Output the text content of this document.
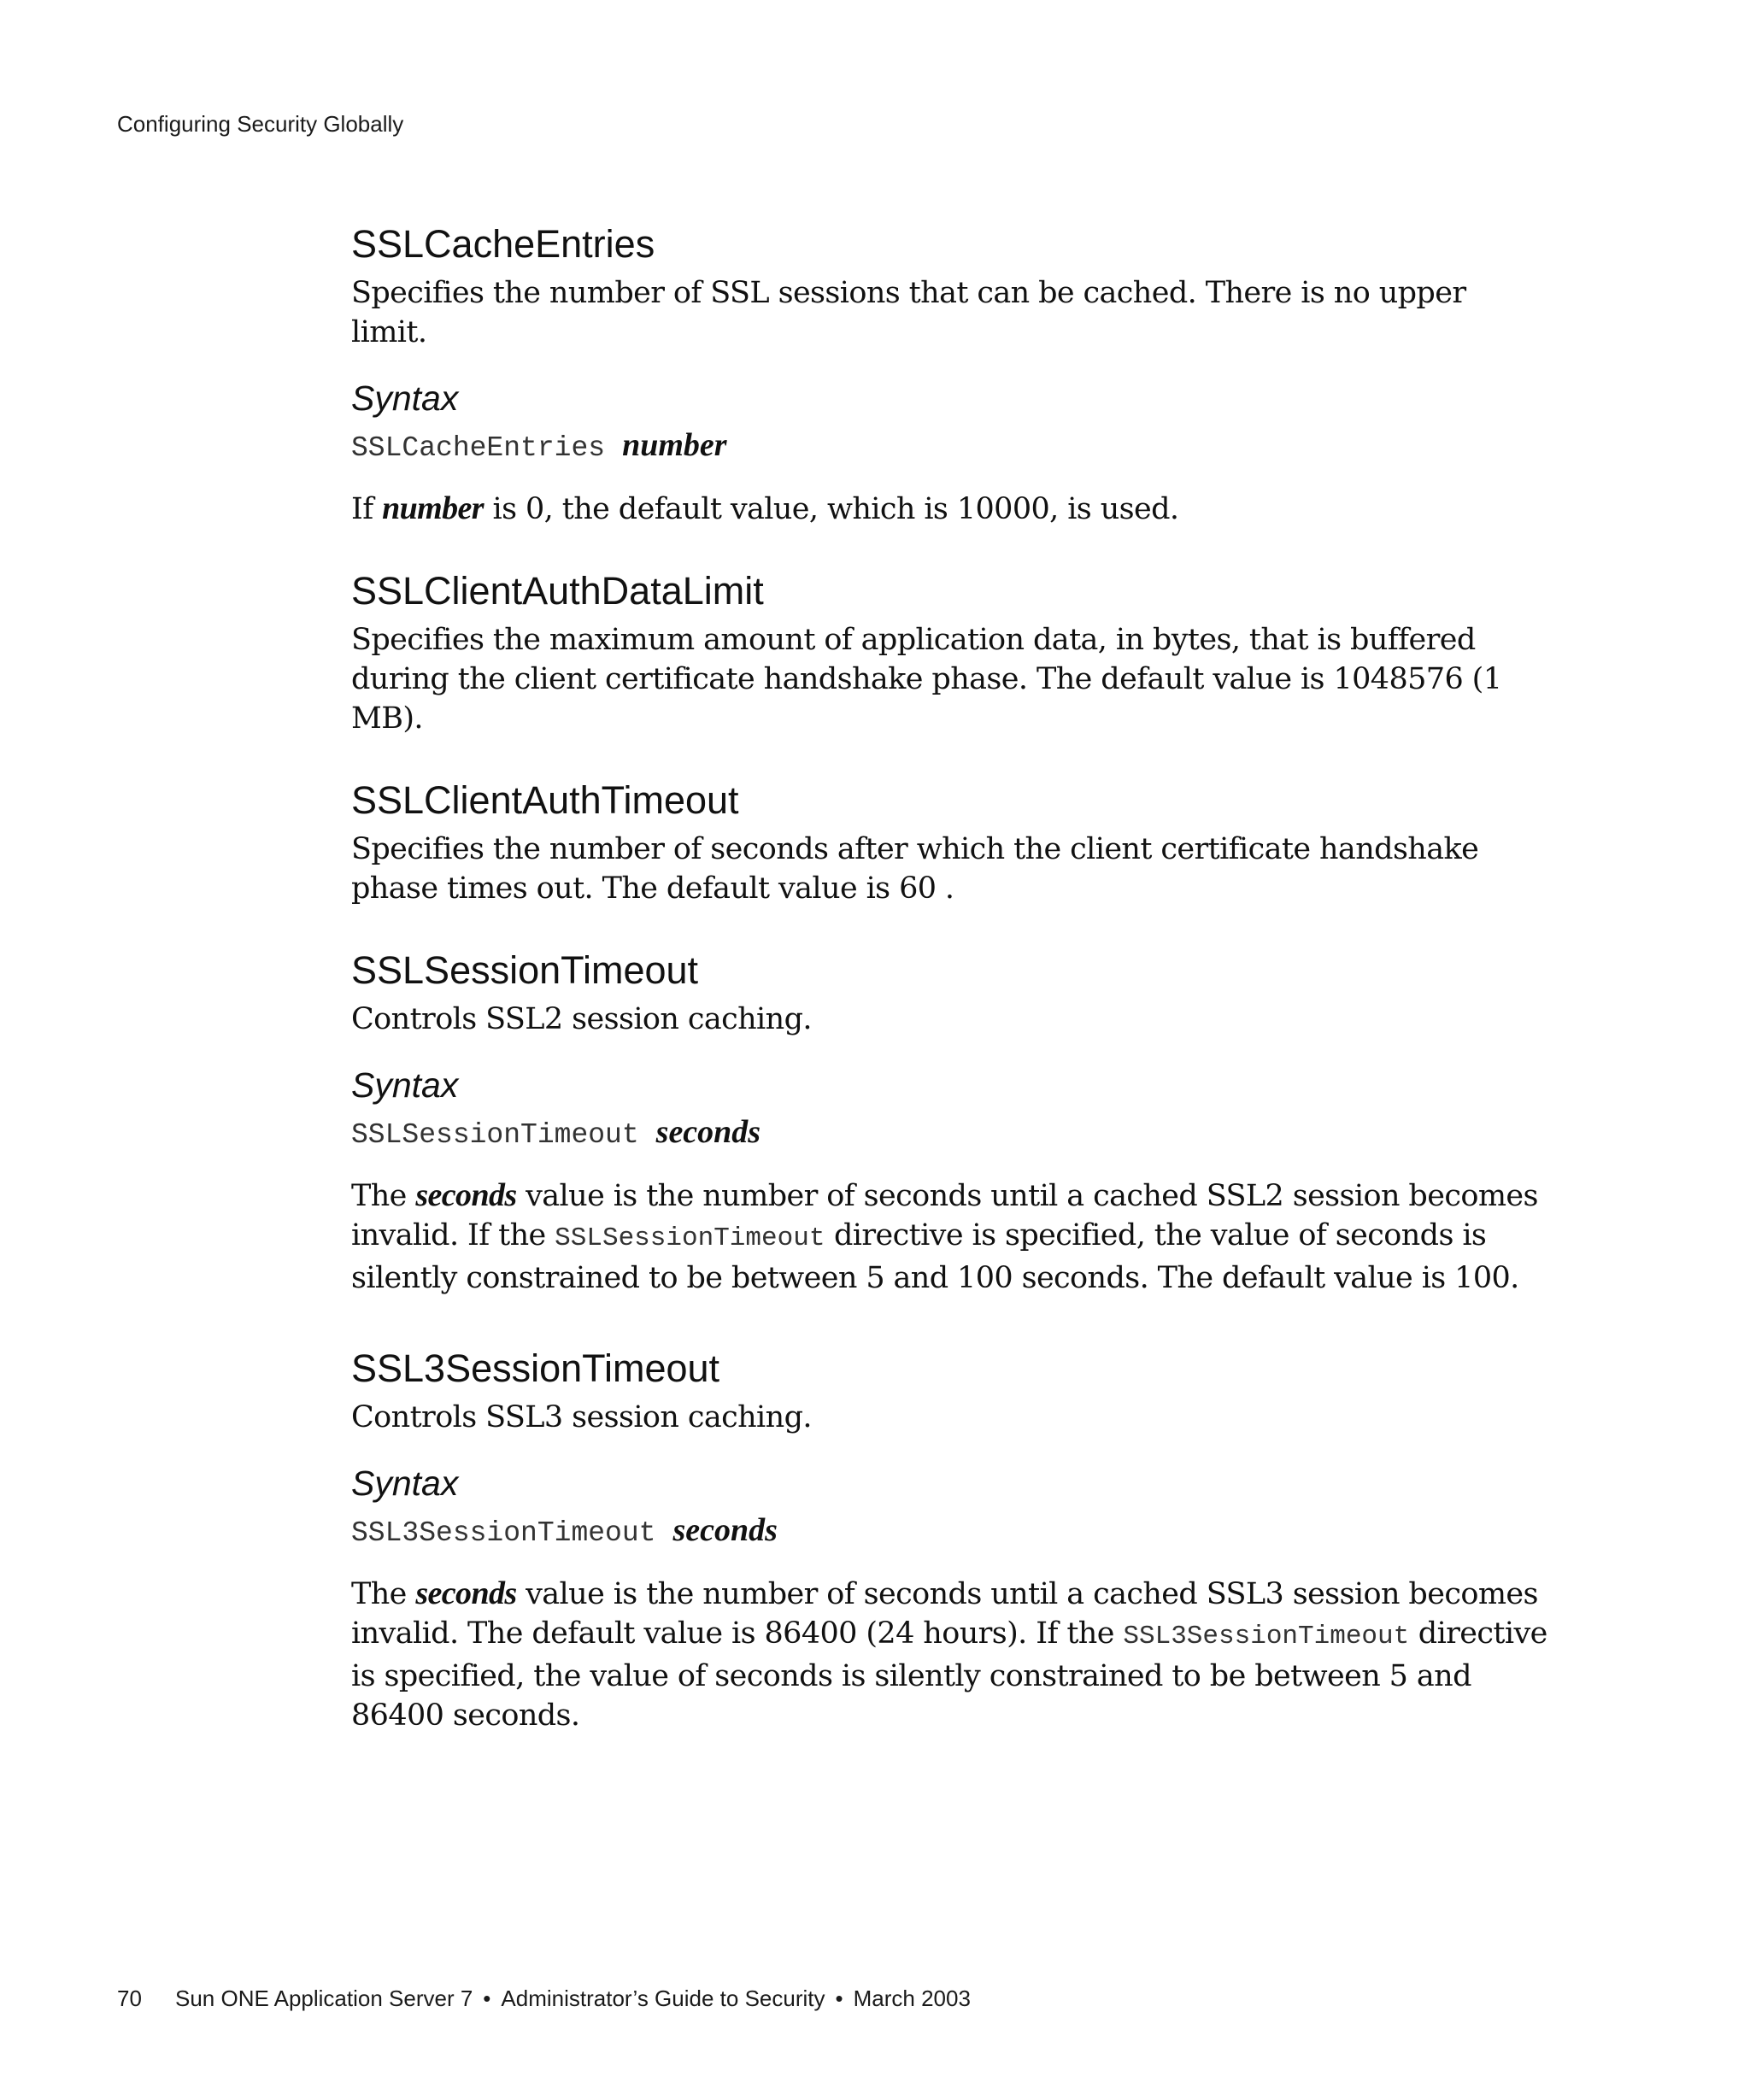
Configuring Security Globally
SSLCacheEntries

Specifies the number of SSL sessions that can be cached. There is no upper limit.

Syntax
SSLCacheEntries number

If number is 0, the default value, which is 10000, is used.

SSLClientAuthDataLimit

Specifies the maximum amount of application data, in bytes, that is buffered during the client certificate handshake phase. The default value is 1048576 (1 MB).

SSLClientAuthTimeout

Specifies the number of seconds after which the client certificate handshake phase times out. The default value is 60 .

SSLSessionTimeout

Controls SSL2 session caching.

Syntax
SSLSessionTimeout seconds

The seconds value is the number of seconds until a cached SSL2 session becomes invalid. If the SSLSessionTimeout directive is specified, the value of seconds is silently constrained to be between 5 and 100 seconds. The default value is 100.

SSL3SessionTimeout

Controls SSL3 session caching.

Syntax
SSL3SessionTimeout seconds

The seconds value is the number of seconds until a cached SSL3 session becomes invalid. The default value is 86400 (24 hours). If the SSL3SessionTimeout directive is specified, the value of seconds is silently constrained to be between 5 and 86400 seconds.

70 Sun ONE Application Server 7 • Administrator’s Guide to Security • March 2003
